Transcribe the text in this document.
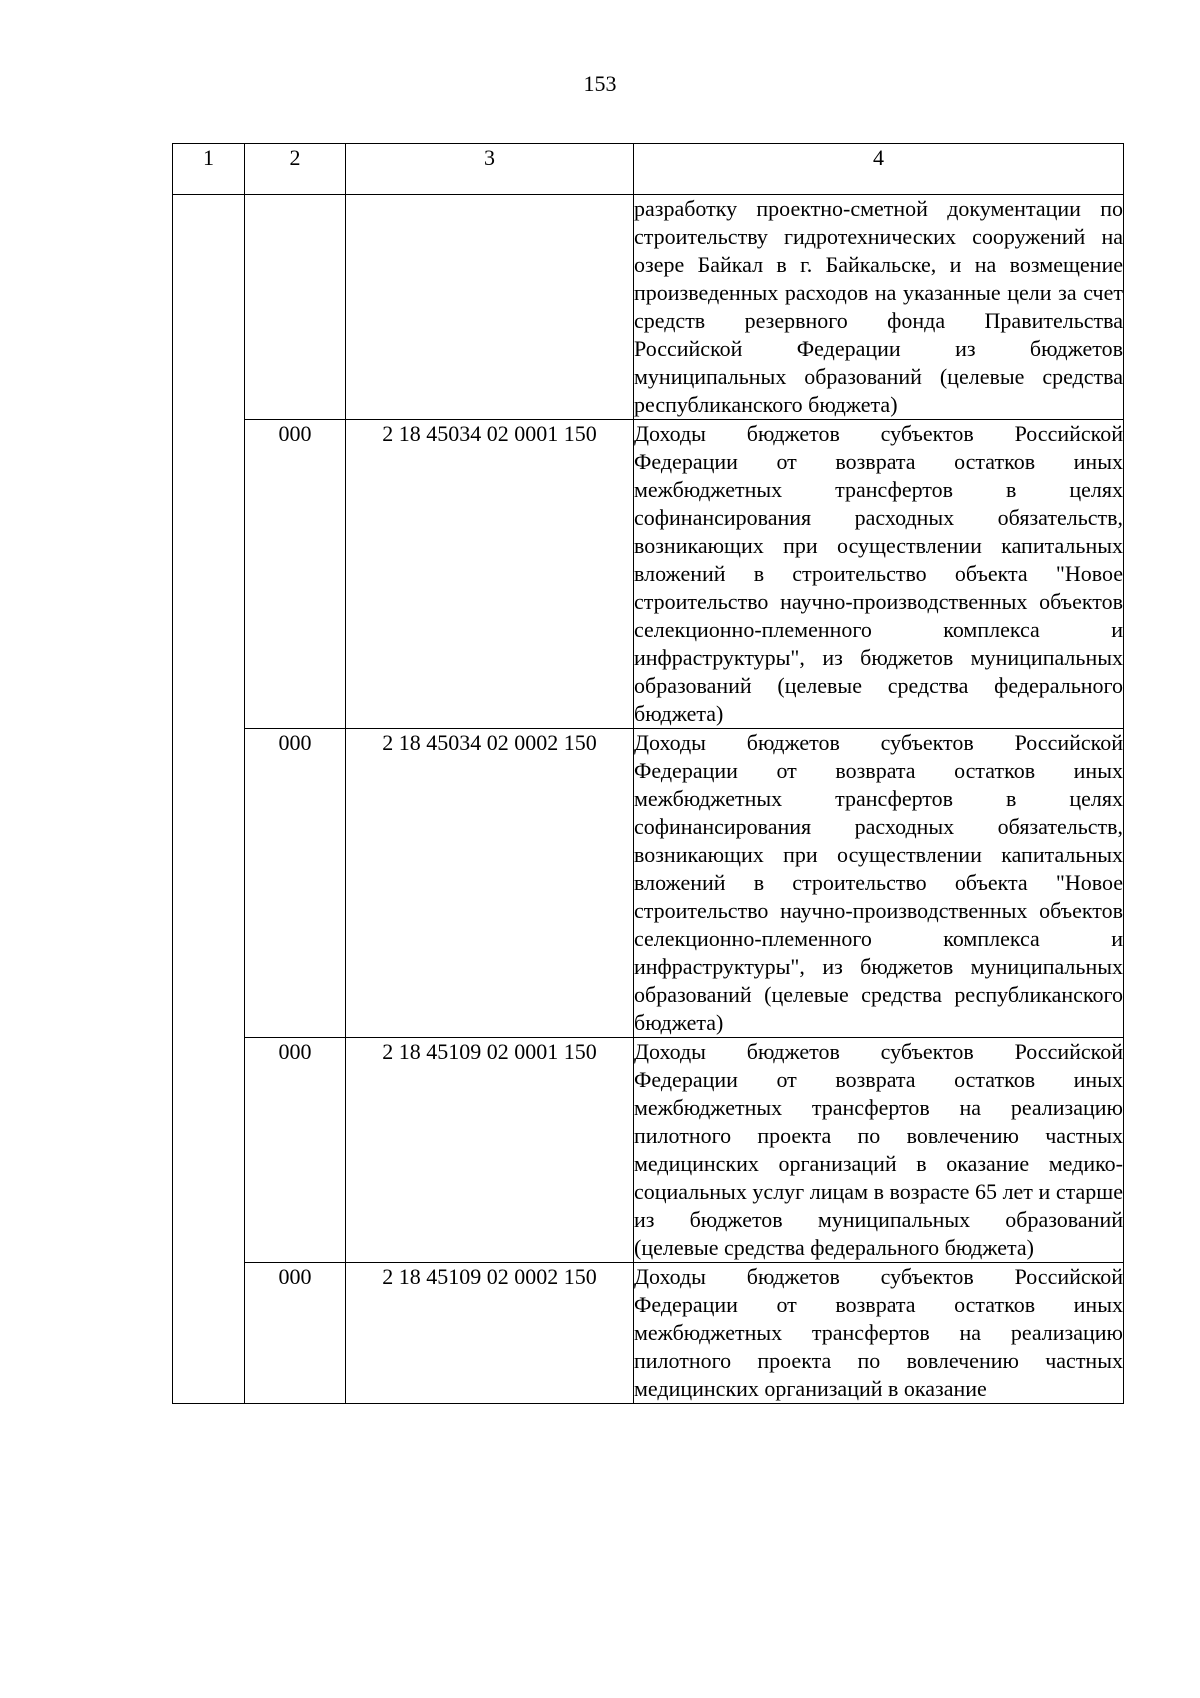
153
1	2	3	4
			разработку проектно-сметной документации по строительству гидротехнических сооружений на озере Байкал в г. Байкальске, и на возмещение произведенных расходов на указанные цели за счет средств резервного фонда Правительства Российской Федерации из бюджетов муниципальных образований (целевые средства республиканского бюджета)
	000	2 18 45034 02 0001 150	Доходы бюджетов субъектов Российской Федерации от возврата остатков иных межбюджетных трансфертов в целях софинансирования расходных обязательств, возникающих при осуществлении капитальных вложений в строительство объекта "Новое строительство научно-производственных объектов селекционно-племенного комплекса и инфраструктуры", из бюджетов муниципальных образований (целевые средства федерального бюджета)
	000	2 18 45034 02 0002 150	Доходы бюджетов субъектов Российской Федерации от возврата остатков иных межбюджетных трансфертов в целях софинансирования расходных обязательств, возникающих при осуществлении капитальных вложений в строительство объекта "Новое строительство научно-производственных объектов селекционно-племенного комплекса и инфраструктуры", из бюджетов муниципальных образований (целевые средства республиканского бюджета)
	000	2 18 45109 02 0001 150	Доходы бюджетов субъектов Российской Федерации от возврата остатков иных межбюджетных трансфертов на реализацию пилотного проекта по вовлечению частных медицинских организаций в оказание медико-социальных услуг лицам в возрасте 65 лет и старше из бюджетов муниципальных образований (целевые средства федерального бюджета)
	000	2 18 45109 02 0002 150	Доходы бюджетов субъектов Российской Федерации от возврата остатков иных межбюджетных трансфертов на реализацию пилотного проекта по вовлечению частных медицинских организаций в оказание
